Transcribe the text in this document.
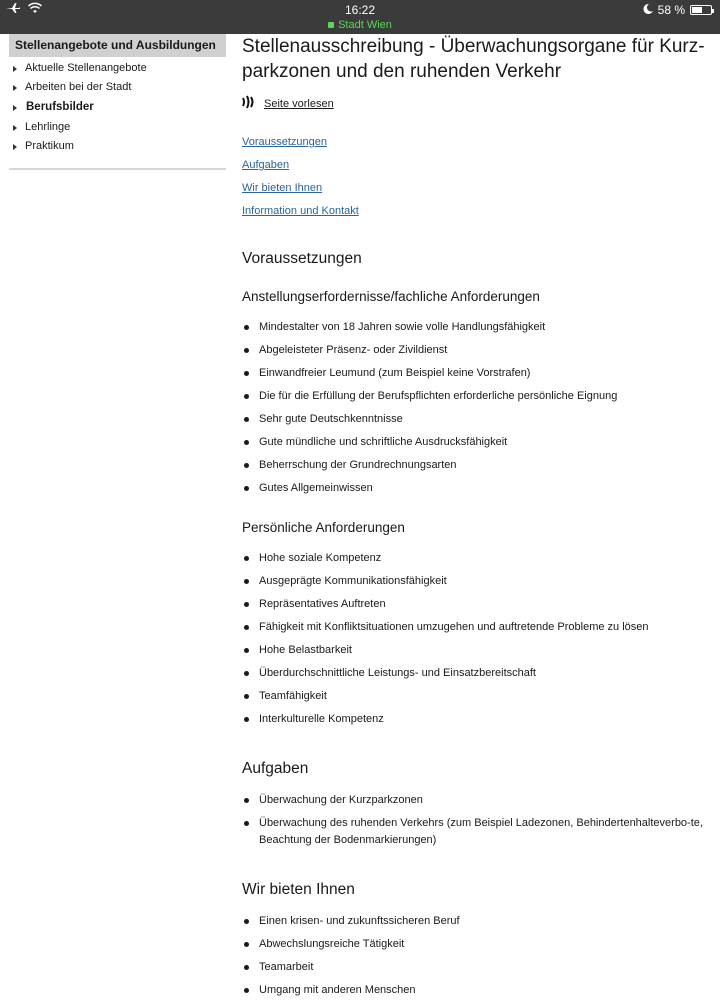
16:22
Stadt Wien
58 %
Stellenangebote und Ausbildungen
Aktuelle Stellenangebote
Arbeiten bei der Stadt
Berufsbilder
Lehrlinge
Praktikum
Stellenausschreibung - Überwachungsorgane für Kurz-parkzonen und den ruhenden Verkehr
Seite vorlesen
Voraussetzungen
Aufgaben
Wir bieten Ihnen
Information und Kontakt
Voraussetzungen
Anstellungserfordernisse/fachliche Anforderungen
Mindestalter von 18 Jahren sowie volle Handlungsfähigkeit
Abgeleisteter Präsenz- oder Zivildienst
Einwandfreier Leumund (zum Beispiel keine Vorstrafen)
Die für die Erfüllung der Berufspflichten erforderliche persönliche Eignung
Sehr gute Deutschkenntnisse
Gute mündliche und schriftliche Ausdrucksfähigkeit
Beherrschung der Grundrechnungsarten
Gutes Allgemeinwissen
Persönliche Anforderungen
Hohe soziale Kompetenz
Ausgeprägte Kommunikationsfähigkeit
Repräsentatives Auftreten
Fähigkeit mit Konfliktsituationen umzugehen und auftretende Probleme zu lösen
Hohe Belastbarkeit
Überdurchschnittliche Leistungs- und Einsatzbereitschaft
Teamfähigkeit
Interkulturelle Kompetenz
Aufgaben
Überwachung der Kurzparkzonen
Überwachung des ruhenden Verkehrs (zum Beispiel Ladezonen, Behindertenhalteverbo-te, Beachtung der Bodenmarkierungen)
Wir bieten Ihnen
Einen krisen- und zukunftssicheren Beruf
Abwechslungsreiche Tätigkeit
Teamarbeit
Umgang mit anderen Menschen
